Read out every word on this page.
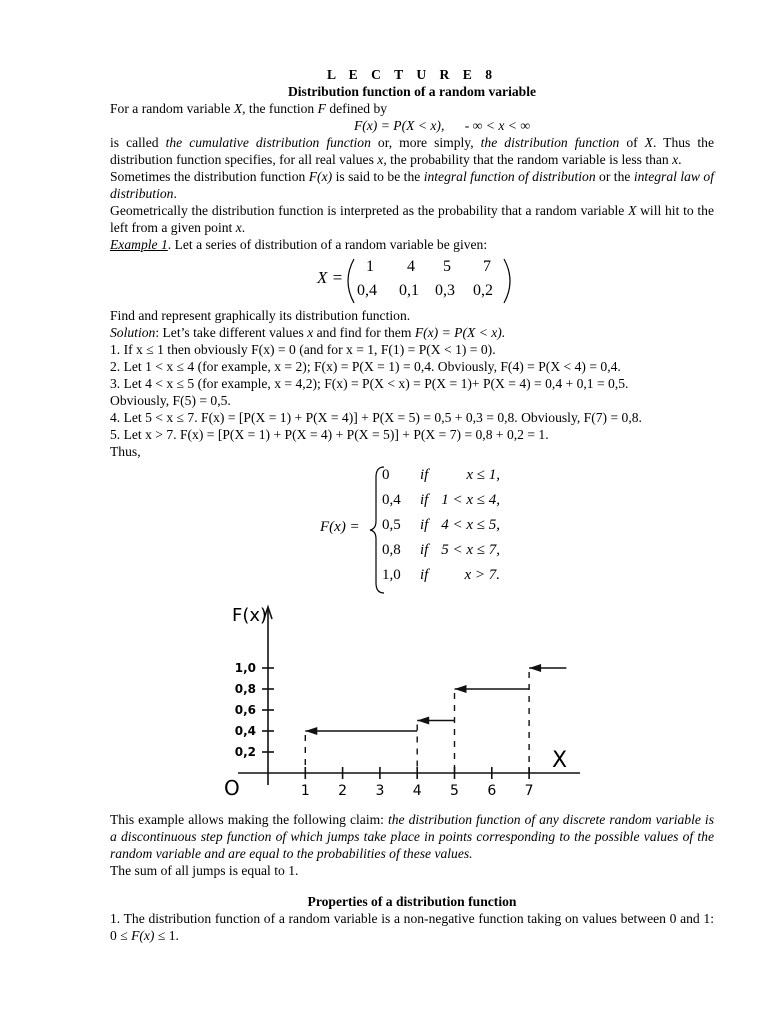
L E C T U R E 8
Distribution function of a random variable

For a random variable X, the function F defined by

F(x) = P(X < x),      - ∞ < x < ∞

is called the cumulative distribution function or, more simply, the distribution function of X. Thus the distribution function specifies, for all real values x, the probability that the random variable is less than x.

Sometimes the distribution function F(x) is said to be the integral function of distribution or the integral law of distribution.

Geometrically the distribution function is interpreted as the probability that a random variable X will hit to the left from a given point x.

Example 1. Let a series of distribution of a random variable be given:

X =
1 4 5 7
0,4 0,1 0,3 0,2

Find and represent graphically its distribution function.

Solution: Let’s take different values x and find for them F(x) = P(X < x).

1. If x ≤ 1 then obviously F(x) = 0 (and for x = 1, F(1) = P(X < 1) = 0).

2. Let 1 < x ≤ 4 (for example, x = 2); F(x) = P(X = 1) = 0,4. Obviously, F(4) = P(X < 4) = 0,4.

3. Let 4 < x ≤ 5 (for example, x = 4,2); F(x) = P(X < x) = P(X = 1)+ P(X = 4) = 0,4 + 0,1 = 0,5.

Obviously, F(5) = 0,5.

4. Let 5 < x ≤ 7. F(x) = [P(X = 1) + P(X = 4)] + P(X = 5) = 0,5 + 0,3 = 0,8. Obviously, F(7) = 0,8.

5. Let x > 7. F(x) = [P(X = 1) + P(X = 4) + P(X = 5)] + P(X = 7) = 0,8 + 0,2 = 1.

Thus,

F(x) =
0 if	x ≤ 1,
0,4 if 1 < x ≤ 4,
0,5 if 4 < x ≤ 5,
0,8 if 5 < x ≤ 7,
1,0 if	x > 7.
1,0
0,8
0,6
0,4
0,2
1 2 3 4 5 6 7
F(x)
X
O

This example allows making the following claim: the distribution function of any discrete random variable is a discontinuous step function of which jumps take place in points corresponding to the possible values of the random variable and are equal to the probabilities of these values.

The sum of all jumps is equal to 1.

Properties of a distribution function

1. The distribution function of a random variable is a non-negative function taking on values between 0 and 1: 0 ≤ F(x) ≤ 1.
